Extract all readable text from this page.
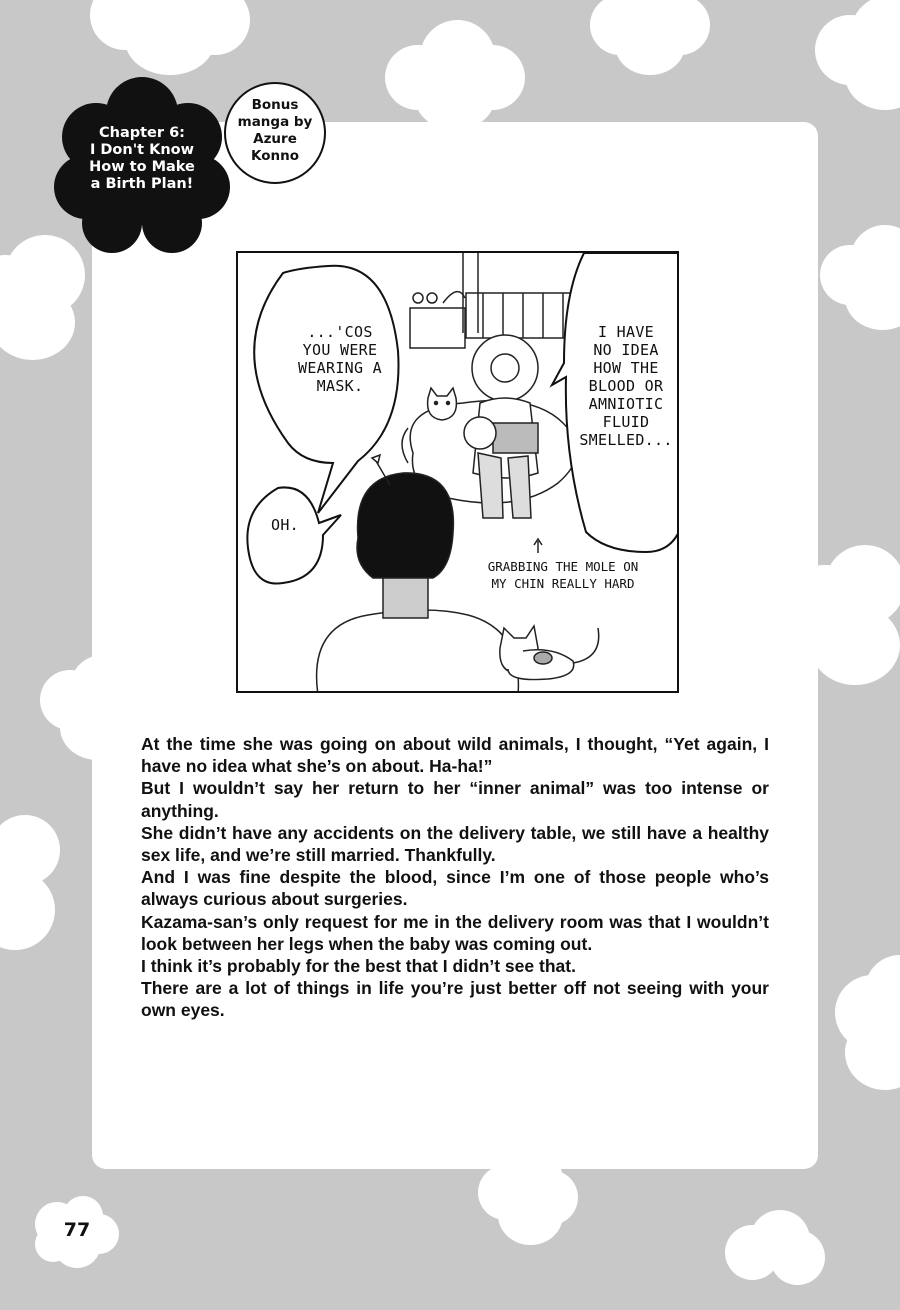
Chapter 6:
I Don't Know
How to Make
a Birth Plan!
Bonus
manga by
Azure
Konno
...'COS
YOU WERE
WEARING A
MASK.
OH.
I HAVE
NO IDEA
HOW THE
BLOOD OR
AMNIOTIC
FLUID
SMELLED...
GRABBING THE MOLE ON
MY CHIN REALLY HARD

At the time she was going on about wild animals, I thought, “Yet again, I have no idea what she’s on about. Ha-ha!”

But I wouldn’t say her return to her “inner animal” was too intense or anything.

She didn’t have any accidents on the delivery table, we still have a healthy sex life, and we’re still married. Thankfully.

And I was fine despite the blood, since I’m one of those people who’s always curious about surgeries.

Kazama-san’s only request for me in the delivery room was that I wouldn’t look between her legs when the baby was coming out.

I think it’s probably for the best that I didn’t see that.

There are a lot of things in life you’re just better off not seeing with your own eyes.

77
